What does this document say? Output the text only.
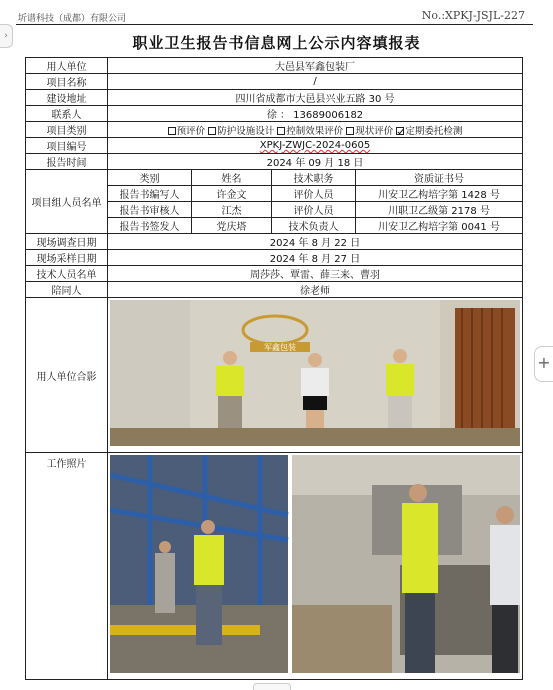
圻谱科技（成都）有限公司	No.:XPKJ-JSJL-227
›	职业卫生报告书信息网上公示内容填报表
用人单位	大邑县军鑫包装厂			
项目名称	/			
建设地址	四川省成都市大邑县兴业五路 30 号			
联系人	徐 ： 13689006182			
项目类别	预评价 防护设施设计 控制效果评价 现状评价 定期委托检测			
项目编号	XPKJ-ZWJC-2024-0605			
报告时间	2024 年 09 月 18 日			
项目组人员名单	类别	姓名	技术职务	资质证书号
	报告书编写人	许金文	评价人员	川安卫乙构培字第 1428 号
	报告书审核人	江杰	评价人员	川职卫乙级第 2178 号
	报告书签发人	党庆塔	技术负责人	川安卫乙构培字第 0041 号
现场调查日期	2024 年 8 月 22 日			
现场采样日期	2024 年 8 月 27 日			
技术人员名单	周莎莎、覃雷、薛三来、曹羽			
陪同人	徐老师			
用人单位合影	军鑫包装			

工作照片	
+
